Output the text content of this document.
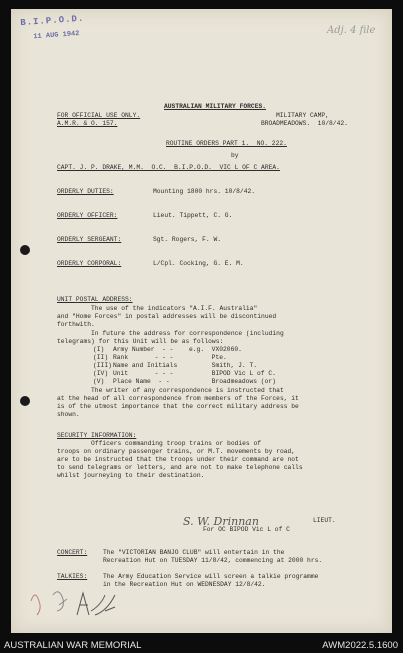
B.I.P.O.D.
11 AUG 1942	Adj. 4 file
AUSTRALIAN MILITARY FORCES.
FOR OFFICIAL USE ONLY.
A.M.R. & O. 157.
MILITARY CAMP,
BROADMEADOWS.  10/8/42.
ROUTINE ORDERS PART 1.  NO. 222.
by
CAPT. J. P. DRAKE, M.M.  O.C.  B.I.P.O.D.  VIC L OF C AREA.
ORDERLY DUTIES:	Mounting 1800 hrs. 10/8/42.
ORDERLY OFFICER:	Lieut. Tippett, C. G.
ORDERLY SERGEANT:	Sgt. Rogers, F. W.
ORDERLY CORPORAL:	L/Cpl. Cocking, G. E. M.
UNIT POSTAL ADDRESS:
The use of the indicators "A.I.F. Australia"
and "Home Forces" in postal addresses will be discontinued
forthwith.
In future the address for correspondence (including
telegrams) for this Unit will be as follows:
(I) Army Number  - - e.g.  VX02060.
(II) Rank       - - - Pte.
(III) Name and Initials Smith, J. T.
(IV) Unit       - - - BIPOD Vic L of C.
(V) Place Name  - -	Broadmeadows (or)
The writer of any correspondence is instructed that
at the head of all correspondence from members of the Forces, it
is of the utmost importance that the correct military address be
shown.
SECURITY INFORMATION:
Officers commanding troop trains or bodies of
troops on ordinary passenger trains, or M.T. movements by road,
are to be instructed that the troops under their command are not
to send telegrams or letters, and are not to make telephone calls
whilst journeying to their destination.
S. W. Drinnan	LIEUT.
For OC BIPOD Vic L of C
CONCERT:	The "VICTORIAN BANJO CLUB" will entertain in the
Recreation Hut on TUESDAY 11/8/42, commencing at 2000 hrs.
TALKIES:	The Army Education Service will screen a talkie programme
in the Recreation Hut on WEDNESDAY 12/8/42.
AUSTRALIAN WAR MEMORIAL	AWM2022.5.1600
